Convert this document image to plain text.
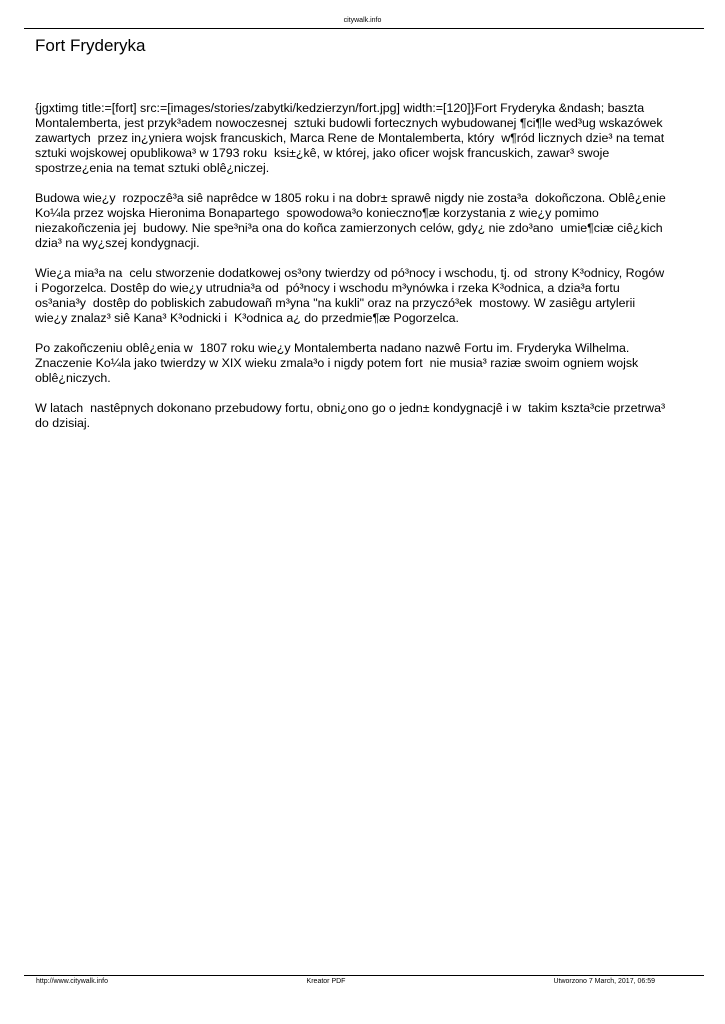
citywalk.info
Fort Fryderyka

{jgxtimg title:=[fort] src:=[images/stories/zabytki/kedzierzyn/fort.jpg] width:=[120]}Fort Fryderyka &ndash; baszta Montalemberta, jest przyk³adem nowoczesnej  sztuki budowli fortecznych wybudowanej ¶ci¶le wed³ug wskazówek zawartych  przez in¿yniera wojsk francuskich, Marca Rene de Montalemberta, który  w¶ród licznych dzie³ na temat sztuki wojskowej opublikowa³ w 1793 roku  ksi±¿kê, w której, jako oficer wojsk francuskich, zawar³ swoje  spostrze¿enia na temat sztuki oblê¿niczej.

Budowa wie¿y  rozpoczê³a siê naprêdce w 1805 roku i na dobr± sprawê nigdy nie zosta³a  dokoñczona. Oblê¿enie Ko¼la przez wojska Hieronima Bonapartego  spowodowa³o konieczno¶æ korzystania z wie¿y pomimo niezakoñczenia jej  budowy. Nie spe³ni³a ona do koñca zamierzonych celów, gdy¿ nie zdo³ano  umie¶ciæ ciê¿kich dzia³ na wy¿szej kondygnacji.

Wie¿a mia³a na  celu stworzenie dodatkowej os³ony twierdzy od pó³nocy i wschodu, tj. od  strony K³odnicy, Rogów i Pogorzelca. Dostêp do wie¿y utrudnia³a od  pó³nocy i wschodu m³ynówka i rzeka K³odnica, a dzia³a fortu os³ania³y  dostêp do pobliskich zabudowañ m³yna "na kukli" oraz na przyczó³ek  mostowy. W zasiêgu artylerii wie¿y znalaz³ siê Kana³ K³odnicki i  K³odnica a¿ do przedmie¶æ Pogorzelca.

Po zakoñczeniu oblê¿enia w  1807 roku wie¿y Montalemberta nadano nazwê Fortu im. Fryderyka Wilhelma.  Znaczenie Ko¼la jako twierdzy w XIX wieku zmala³o i nigdy potem fort  nie musia³ raziæ swoim ogniem wojsk oblê¿niczych.

W latach  nastêpnych dokonano przebudowy fortu, obni¿ono go o jedn± kondygnacjê i w  takim kszta³cie przetrwa³ do dzisiaj.

http://www.citywalk.info	Kreator PDF	Utworzono 7 March, 2017, 06:59
